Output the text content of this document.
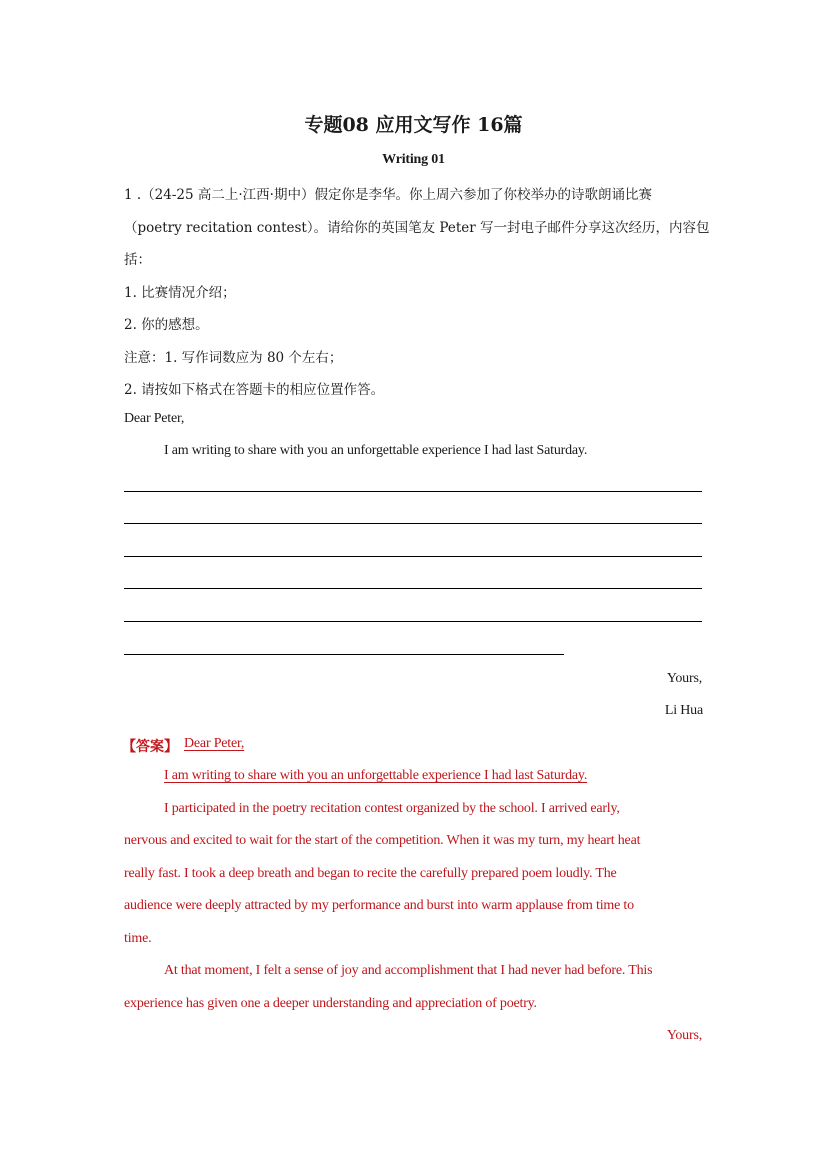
专题08 应用文写作 16篇
Writing 01
1 .（24-25 高二上·江西·期中）假定你是李华。你上周六参加了你校举办的诗歌朗诵比赛
（poetry recitation contest）。请给你的英国笔友 Peter 写一封电子邮件分享这次经历，内容包
括：
1. 比赛情况介绍；
2. 你的感想。
注意：1. 写作词数应为 80 个左右；
2. 请按如下格式在答题卡的相应位置作答。
Dear Peter,
I am writing to share with you an unforgettable experience I had last Saturday.
Yours,
Li Hua
【答案】 Dear Peter,
I am writing to share with you an unforgettable experience I had last Saturday.
I participated in the poetry recitation contest organized by the school. I arrived early,
nervous and excited to wait for the start of the competition. When it was my turn, my heart heat
really fast. I took a deep breath and began to recite the carefully prepared poem loudly. The
audience were deeply attracted by my performance and burst into warm applause from time to
time.
At that moment, I felt a sense of joy and accomplishment that I had never had before. This
experience has given one a deeper understanding and appreciation of poetry.
Yours,
